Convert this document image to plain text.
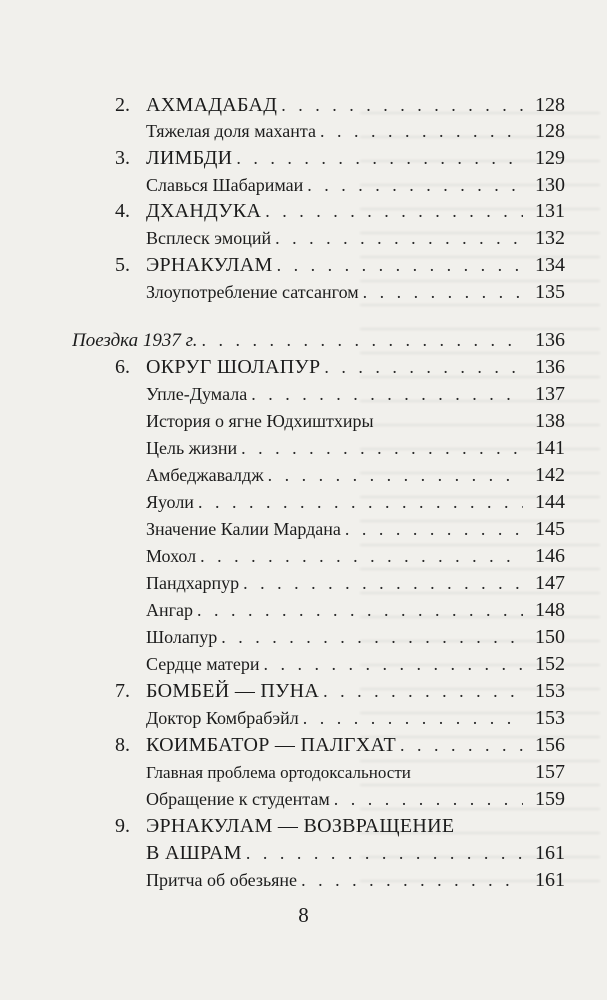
2. АХМАДАБАД . . .	128
Тяжелая доля маханта . . .	128
3. ЛИМБДИ . . .	129
Славься Шабаримаи . . .	130
4. ДХАНДУКА . . .	131
Всплеск эмоций . . .	132
5. ЭРНАКУЛАМ . . .	134
Злоупотребление сатсангом . . .	135
Поездка 1937 г. . . .	136
6. ОКРУГ ШОЛАПУР . . .	136
Упле-Думала . . .	137
История о ягне Юдхиштхиры	138
Цель жизни . . .	141
Амбеджавалдж . . .	142
Яуоли . . .	144
Значение Калии Мардана . . .	145
Мохол . . .	146
Пандхарпур . . .	147
Ангар . . .	148
Шолапур . . .	150
Сердце матери . . .	152
7. БОМБЕЙ — ПУНА . . .	153
Доктор Комбрабэйл . . .	153
8. КОИМБАТОР — ПАЛГХАТ . . .	156
Главная проблема ортодоксальности	157
Обращение к студентам . . .	159
9. ЭРНАКУЛАМ — ВОЗВРАЩЕНИЕ
В АШРАМ . . .	161
8
Притча об обезьяне . . .	161
